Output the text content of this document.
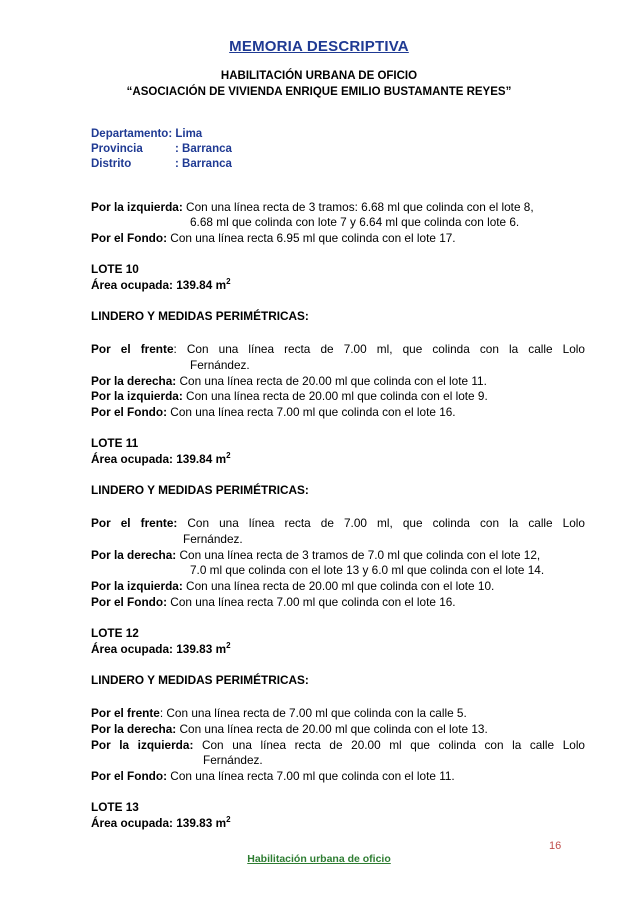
MEMORIA DESCRIPTIVA
HABILITACIÓN URBANA DE OFICIO
“ASOCIACIÓN DE VIVIENDA ENRIQUE EMILIO BUSTAMANTE REYES”
Departamento: Lima
Provincia	: Barranca
Distrito	: Barranca
Por la izquierda: Con una línea recta de 3 tramos: 6.68 ml que colinda con el lote 8,
6.68 ml que colinda con lote 7 y 6.64 ml que colinda con lote 6.
Por el Fondo: Con una línea recta 6.95 ml que colinda con el lote 17.
LOTE 10
Área ocupada: 139.84 $m^2$
LINDERO Y MEDIDAS PERIMÉTRICAS:
Por el frente: Con una línea recta de 7.00 ml, que colinda con la calle Lolo
Fernández.
Por la derecha: Con una línea recta de 20.00 ml que colinda con el lote 11.
Por la izquierda: Con una línea recta de 20.00 ml que colinda con el lote 9.
Por el Fondo: Con una línea recta 7.00 ml que colinda con el lote 16.
LOTE 11
Área ocupada: 139.84 $m^2$
LINDERO Y MEDIDAS PERIMÉTRICAS:
Por el frente: Con una línea recta de 7.00 ml, que colinda con la calle Lolo
Fernández.
Por la derecha: Con una línea recta de 3 tramos de 7.0 ml que colinda con el lote 12,
7.0 ml que colinda con el lote 13 y 6.0 ml que colinda con el lote 14.
Por la izquierda: Con una línea recta de 20.00 ml que colinda con el lote 10.
Por el Fondo: Con una línea recta 7.00 ml que colinda con el lote 16.
LOTE 12
Área ocupada: 139.83 $m^2$
LINDERO Y MEDIDAS PERIMÉTRICAS:
Por el frente: Con una línea recta de 7.00 ml que colinda con la calle 5.
Por la derecha: Con una línea recta de 20.00 ml que colinda con el lote 13.
Por la izquierda: Con una línea recta de 20.00 ml que colinda con la calle Lolo
Fernández.
Por el Fondo: Con una línea recta 7.00 ml que colinda con el lote 11.
LOTE 13
Área ocupada: 139.83 $m^2$
16
Habilitación urbana de oficio
